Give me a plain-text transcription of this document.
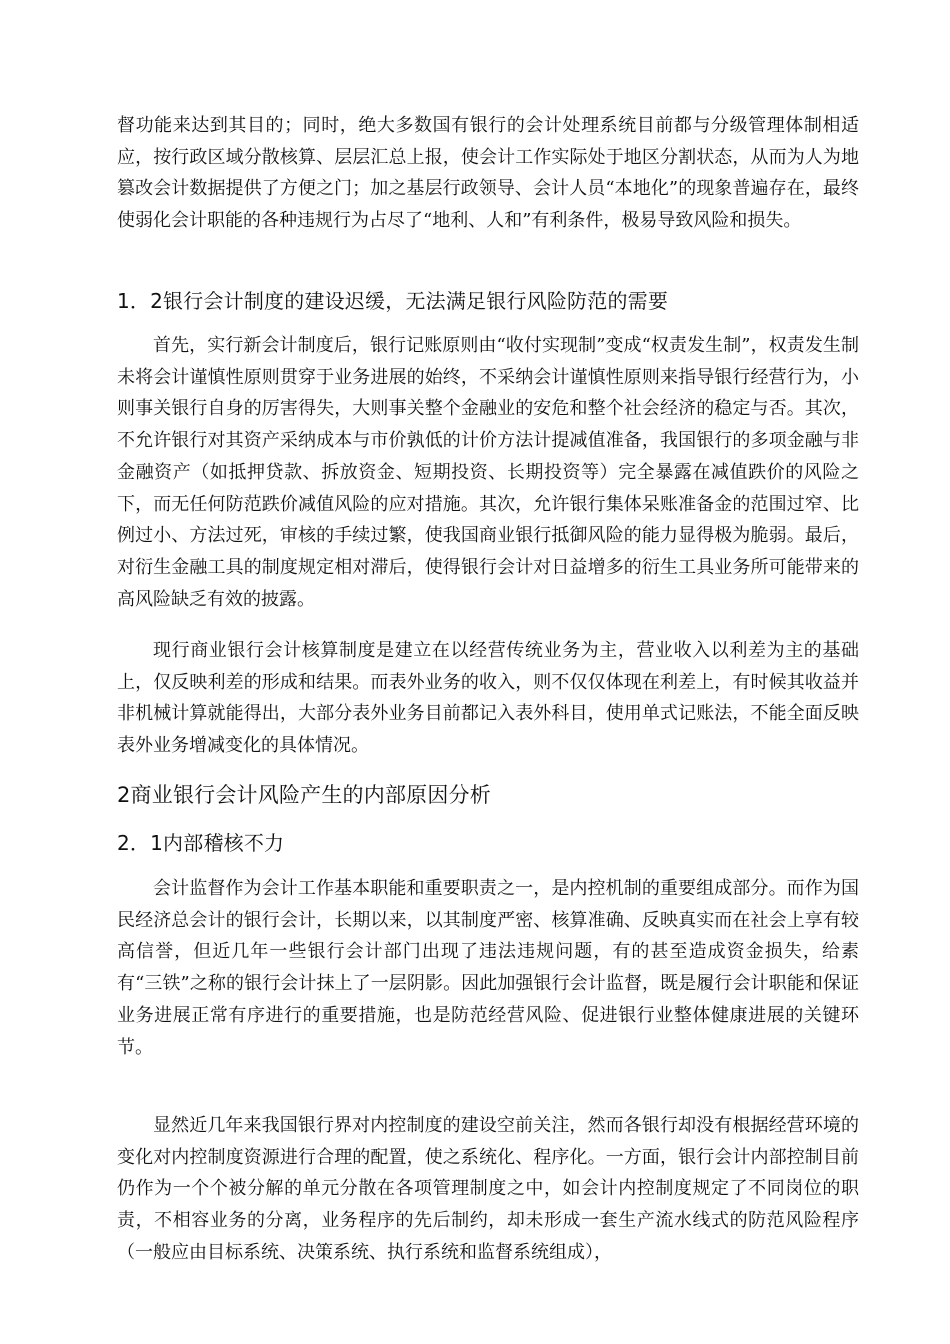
督功能来达到其目的；同时，绝大多数国有银行的会计处理系统目前都与分级管理体制相适应，按行政区域分散核算、层层汇总上报，使会计工作实际处于地区分割状态，从而为人为地篡改会计数据提供了方便之门；加之基层行政领导、会计人员“本地化”的现象普遍存在，最终使弱化会计职能的各种违规行为占尽了“地利、人和”有利条件，极易导致风险和损失。

1．2银行会计制度的建设迟缓，无法满足银行风险防范的需要

首先，实行新会计制度后，银行记账原则由“收付实现制”变成“权责发生制”，权责发生制未将会计谨慎性原则贯穿于业务进展的始终，不采纳会计谨慎性原则来指导银行经营行为，小则事关银行自身的厉害得失，大则事关整个金融业的安危和整个社会经济的稳定与否。其次，不允许银行对其资产采纳成本与市价孰低的计价方法计提减值准备，我国银行的多项金融与非金融资产（如抵押贷款、拆放资金、短期投资、长期投资等）完全暴露在减值跌价的风险之下，而无任何防范跌价减值风险的应对措施。其次，允许银行集体呆账准备金的范围过窄、比例过小、方法过死，审核的手续过繁，使我国商业银行抵御风险的能力显得极为脆弱。最后，对衍生金融工具的制度规定相对滞后，使得银行会计对日益增多的衍生工具业务所可能带来的高风险缺乏有效的披露。

现行商业银行会计核算制度是建立在以经营传统业务为主，营业收入以利差为主的基础上，仅反映利差的形成和结果。而表外业务的收入，则不仅仅体现在利差上，有时候其收益并非机械计算就能得出，大部分表外业务目前都记入表外科目，使用单式记账法，不能全面反映表外业务增减变化的具体情况。

2商业银行会计风险产生的内部原因分析
2．1内部稽核不力

会计监督作为会计工作基本职能和重要职责之一，是内控机制的重要组成部分。而作为国民经济总会计的银行会计，长期以来，以其制度严密、核算准确、反映真实而在社会上享有较高信誉，但近几年一些银行会计部门出现了违法违规问题，有的甚至造成资金损失，给素有“三铁”之称的银行会计抹上了一层阴影。因此加强银行会计监督，既是履行会计职能和保证业务进展正常有序进行的重要措施，也是防范经营风险、促进银行业整体健康进展的关键环节。

显然近几年来我国银行界对内控制度的建设空前关注，然而各银行却没有根据经营环境的变化对内控制度资源进行合理的配置，使之系统化、程序化。一方面，银行会计内部控制目前仍作为一个个被分解的单元分散在各项管理制度之中，如会计内控制度规定了不同岗位的职责，不相容业务的分离，业务程序的先后制约，却未形成一套生产流水线式的防范风险程序（一般应由目标系统、决策系统、执行系统和监督系统组成），
